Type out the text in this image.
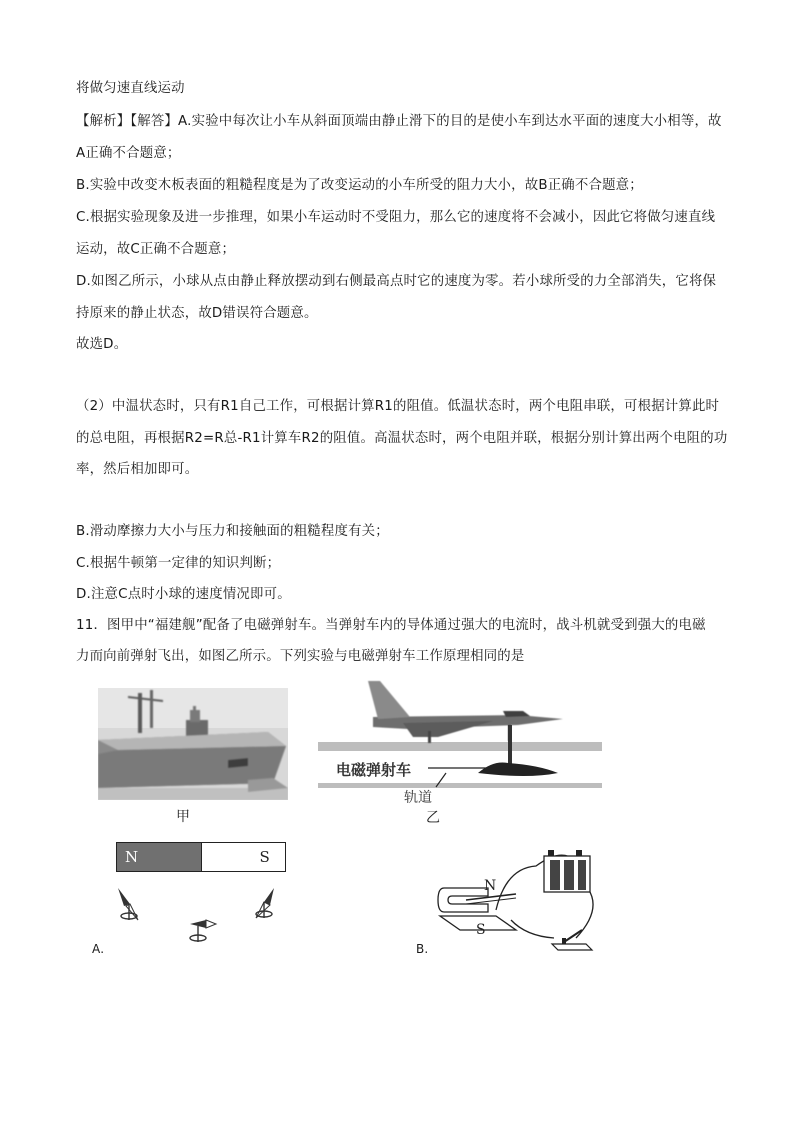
将做匀速直线运动
【解析】【解答】A.实验中每次让小车从斜面顶端由静止滑下的目的是使小车到达水平面的速度大小相等，故
A正确不合题意；
B.实验中改变木板表面的粗糙程度是为了改变运动的小车所受的阻力大小，故B正确不合题意；
C.根据实验现象及进一步推理，如果小车运动时不受阻力，那么它的速度将不会减小，因此它将做匀速直线
运动，故C正确不合题意；
D.如图乙所示，小球从点由静止释放摆动到右侧最高点时它的速度为零。若小球所受的力全部消失，它将保
持原来的静止状态，故D错误符合题意。
故选D。
（2）中温状态时，只有R1自己工作，可根据计算R1的阻值。低温状态时，两个电阻串联，可根据计算此时
的总电阻，再根据R2=R总-R1计算车R2的阻值。高温状态时，两个电阻并联，根据分别计算出两个电阻的功
率，然后相加即可。
B.滑动摩擦力大小与压力和接触面的粗糙程度有关；
C.根据牛顿第一定律的知识判断；
D.注意C点时小球的速度情况即可。
11．图甲中“福建舰”配备了电磁弹射车。当弹射车内的导体通过强大的电流时，战斗机就受到强大的电磁
力而向前弹射飞出，如图乙所示。下列实验与电磁弹射车工作原理相同的是
甲
电磁弹射车
轨道
乙
N	S
A.
N
S
B.
